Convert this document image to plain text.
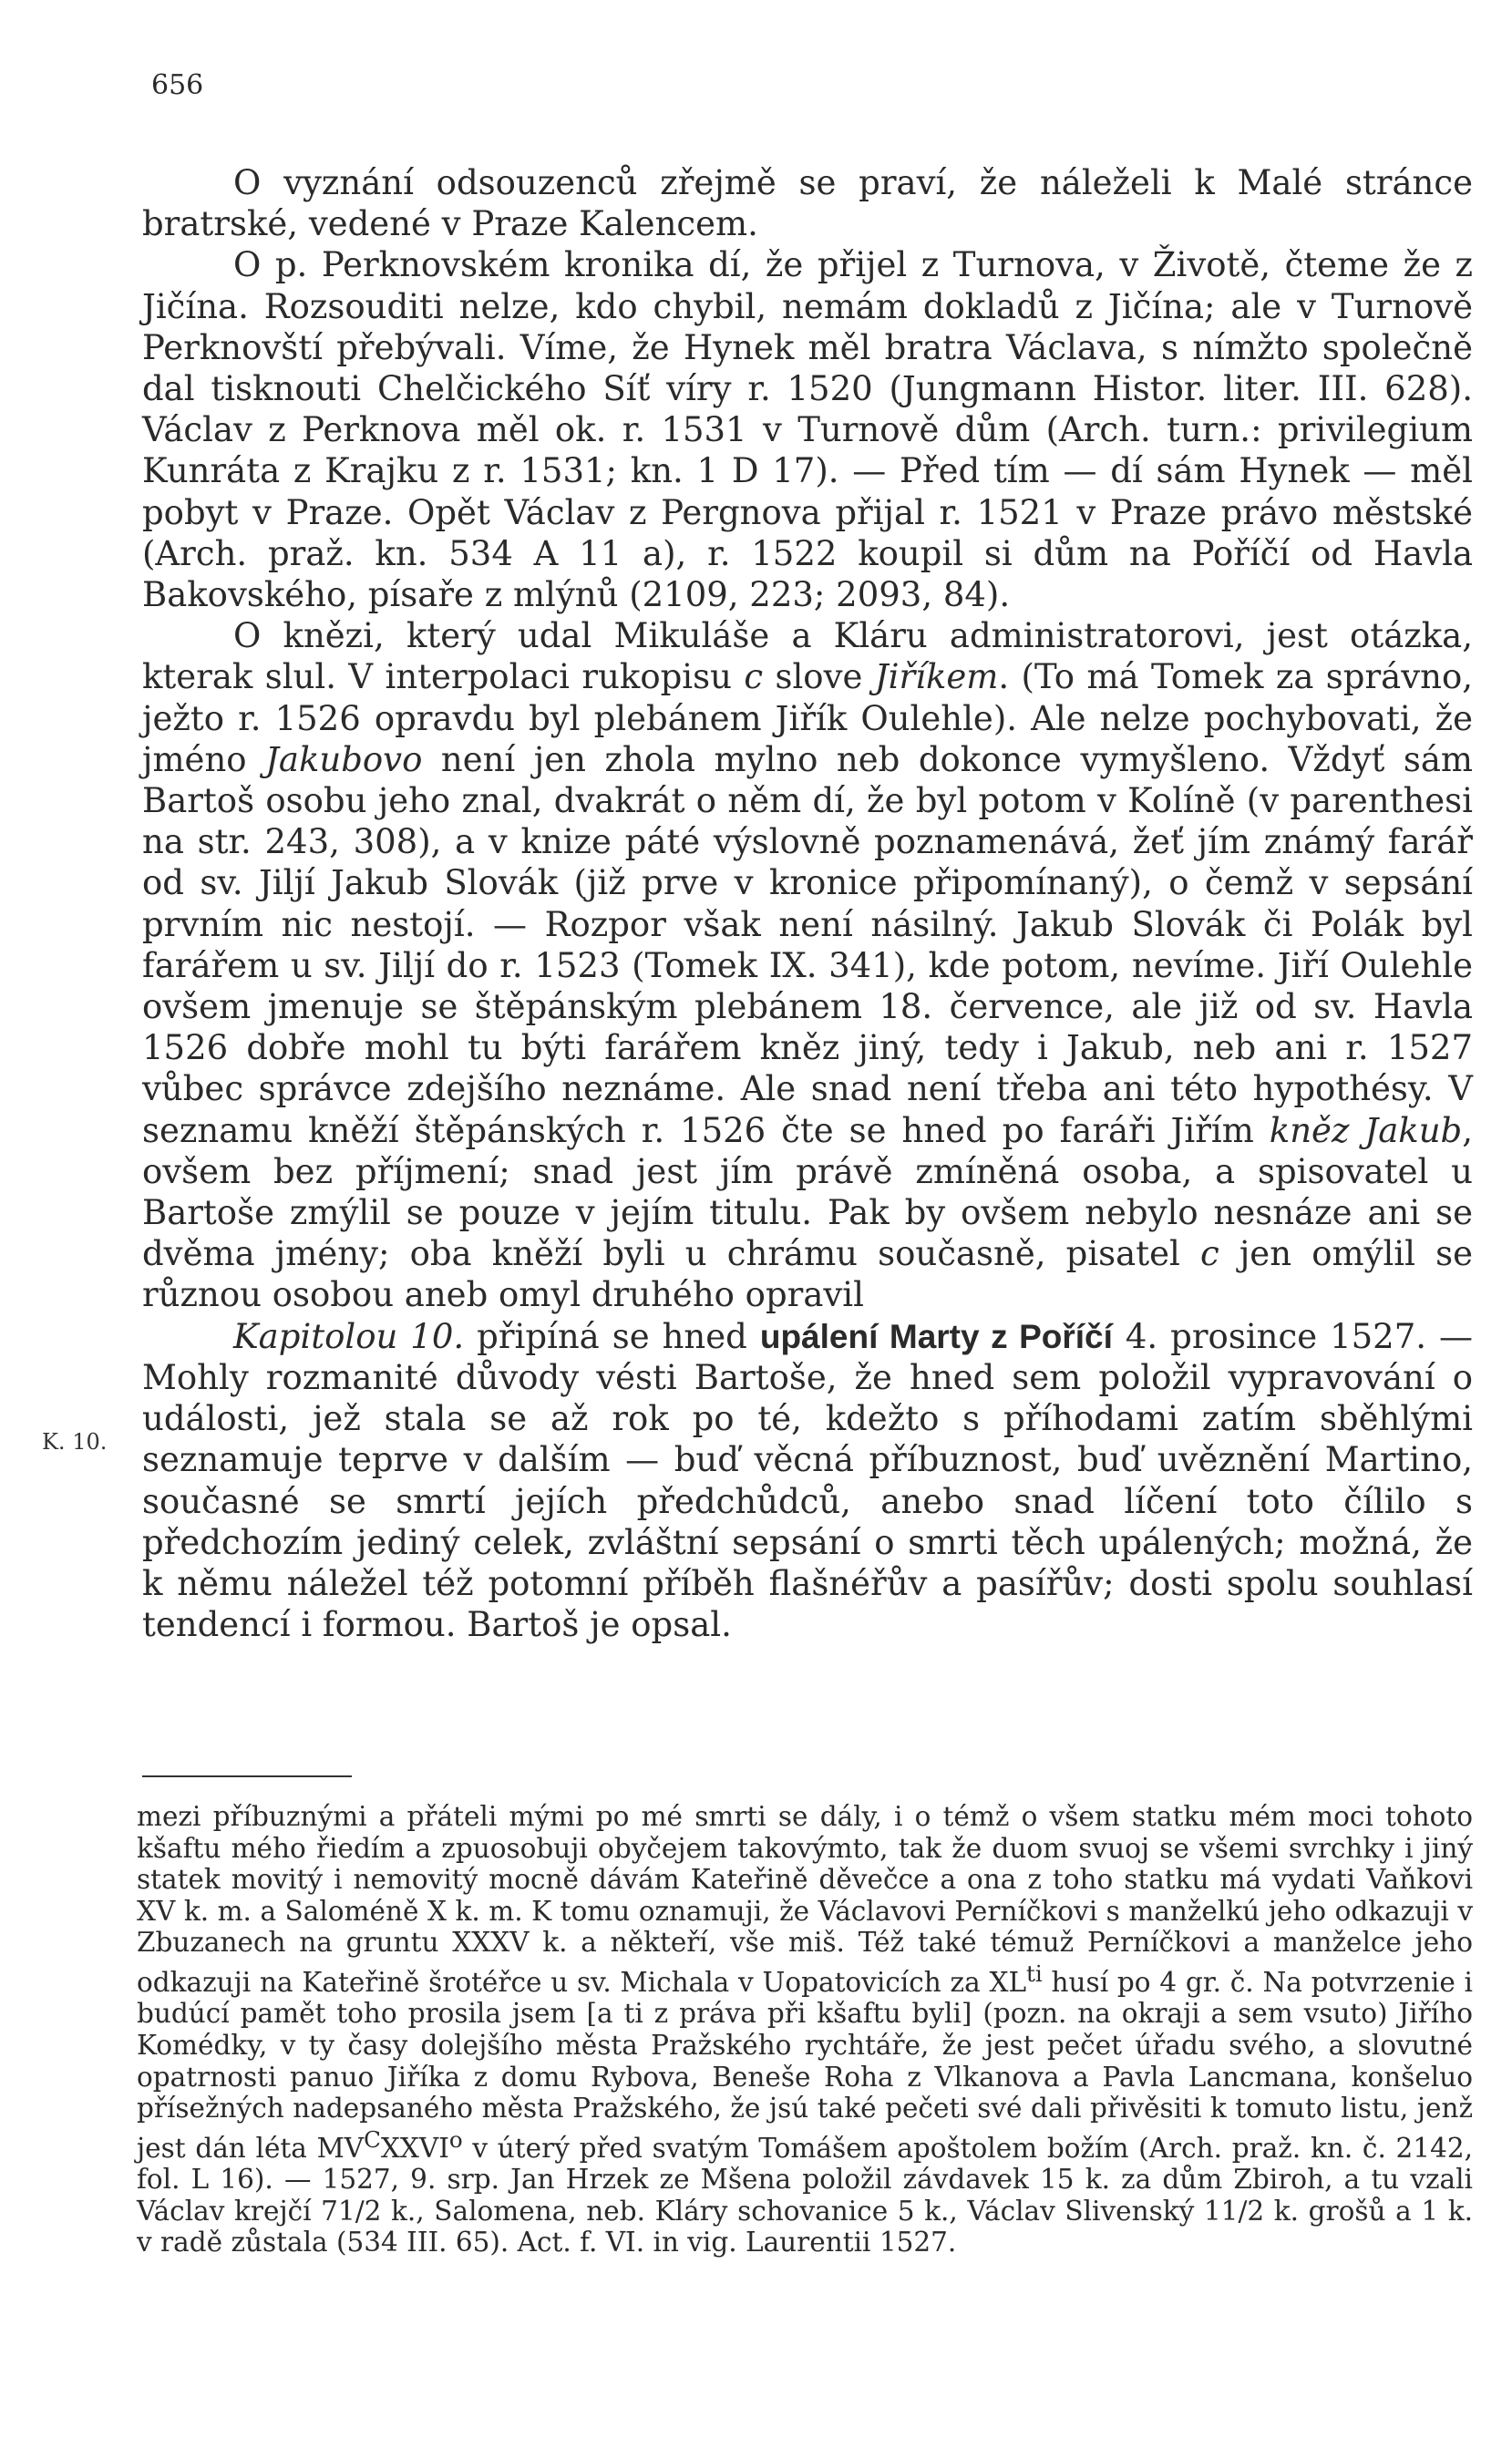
656
K. 10.

O vyznání odsouzenců zřejmě se praví, že náleželi k Malé stránce bratrské, vedené v Praze Kalencem.

O p. Perknovském kronika dí, že přijel z Turnova, v Životě, čteme že z Jičína. Rozsouditi nelze, kdo chybil, nemám dokladů z Jičína; ale v Turnově Perknovští přebývali. Víme, že Hynek měl bratra Václava, s nímžto společně dal tisknouti Chelčického Síť víry r. 1520 (Jungmann Histor. liter. III. 628). Václav z Perknova měl ok. r. 1531 v Turnově dům (Arch. turn.: privilegium Kunráta z Krajku z r. 1531; kn. 1 D 17). — Před tím — dí sám Hynek — měl pobyt v Praze. Opět Václav z Pergnova přijal r. 1521 v Praze právo městské (Arch. praž. kn. 534 A 11 a), r. 1522 koupil si dům na Poříčí od Havla Bakovského, písaře z mlýnů (2109, 223; 2093, 84).

O knězi, který udal Mikuláše a Kláru administratorovi, jest otázka, kterak slul. V interpolaci rukopisu c slove Jiříkem. (To má Tomek za správno, ježto r. 1526 opravdu byl plebánem Jiřík Oulehle). Ale nelze pochybovati, že jméno Jakubovo není jen zhola mylno neb dokonce vymyšleno. Vždyť sám Bartoš osobu jeho znal, dvakrát o něm dí, že byl potom v Kolíně (v parenthesi na str. 243, 308), a v knize páté výslovně poznamenává, žeť jím známý farář od sv. Jiljí Jakub Slovák (již prve v kronice připomínaný), o čemž v sepsání prvním nic nestojí. — Rozpor však není násilný. Jakub Slovák či Polák byl farářem u sv. Jiljí do r. 1523 (Tomek IX. 341), kde potom, nevíme. Jiří Oulehle ovšem jmenuje se štěpánským plebánem 18. července, ale již od sv. Havla 1526 dobře mohl tu býti farářem kněz jiný, tedy i Jakub, neb ani r. 1527 vůbec správce zdejšího neznáme. Ale snad není třeba ani této hypothésy. V seznamu kněží štěpánských r. 1526 čte se hned po faráři Jiřím kněz Jakub, ovšem bez příjmení; snad jest jím právě zmíněná osoba, a spisovatel u Bartoše zmýlil se pouze v jejím titulu. Pak by ovšem nebylo nesnáze ani se dvěma jmény; oba kněží byli u chrámu současně, pisatel c jen omýlil se různou osobou aneb omyl druhého opravil

Kapitolou 10. připíná se hned upálení Marty z Poříčí 4. prosince 1527. — Mohly rozmanité důvody vésti Bartoše, že hned sem položil vypravování o události, jež stala se až rok po té, kdežto s příhodami zatím sběhlými seznamuje teprve v dalším — buď věcná příbuznost, buď uvěznění Martino, současné se smrtí jejích předchůdců, anebo snad líčení toto čílilo s předchozím jediný celek, zvláštní sepsání o smrti těch upálených; možná, že k němu náležel též potomní příběh flašnéřův a pasířův; dosti spolu souhlasí tendencí i formou. Bartoš je opsal.

mezi příbuznými a přáteli mými po mé smrti se dály, i o témž o všem statku mém moci tohoto kšaftu mého řiedím a zpuosobuji obyčejem takovýmto, tak že duom svuoj se všemi svrchky i jiný statek movitý i nemovitý mocně dávám Kateřině děvečce a ona z toho statku má vydati Vaňkovi XV k. m. a Saloméně X k. m. K tomu oznamuji, že Václavovi Perníčkovi s manželkú jeho odkazuji v Zbuzanech na gruntu XXXV k. a někteří, vše miš. Též také témuž Perníčkovi a manželce jeho odkazuji na Kateřině šrotéřce u sv. Michala v Uopatovicích za $XL^{ti}$ husí po 4 gr. č. Na potvrzenie i budúcí pamět toho prosila jsem [a ti z práva při kšaftu byli] (pozn. na okraji a sem vsuto) Jiřího Komédky, v ty časy dolejšího města Pražského rychtáře, že jest pečet úřadu svého, a slovutné opatrnosti panuo Jiříka z domu Rybova, Beneše Roha z Vlkanova a Pavla Lancmana, konšeluo přísežných nadepsaného města Pražského, že jsú také pečeti své dali přivěsiti k tomuto listu, jenž jest dán léta $MV^CXXVI^o$ v úterý před svatým Tomášem apoštolem božím (Arch. praž. kn. č. 2142, fol. L 16). — 1527, 9. srp. Jan Hrzek ze Mšena položil závdavek 15 k. za dům Zbiroh, a tu vzali Václav krejčí 71/2 k., Salomena, neb. Kláry schovanice 5 k., Václav Slivenský 11/2 k. grošů a 1 k. v radě zůstala (534 III. 65). Act. f. VI. in vig. Laurentii 1527.
